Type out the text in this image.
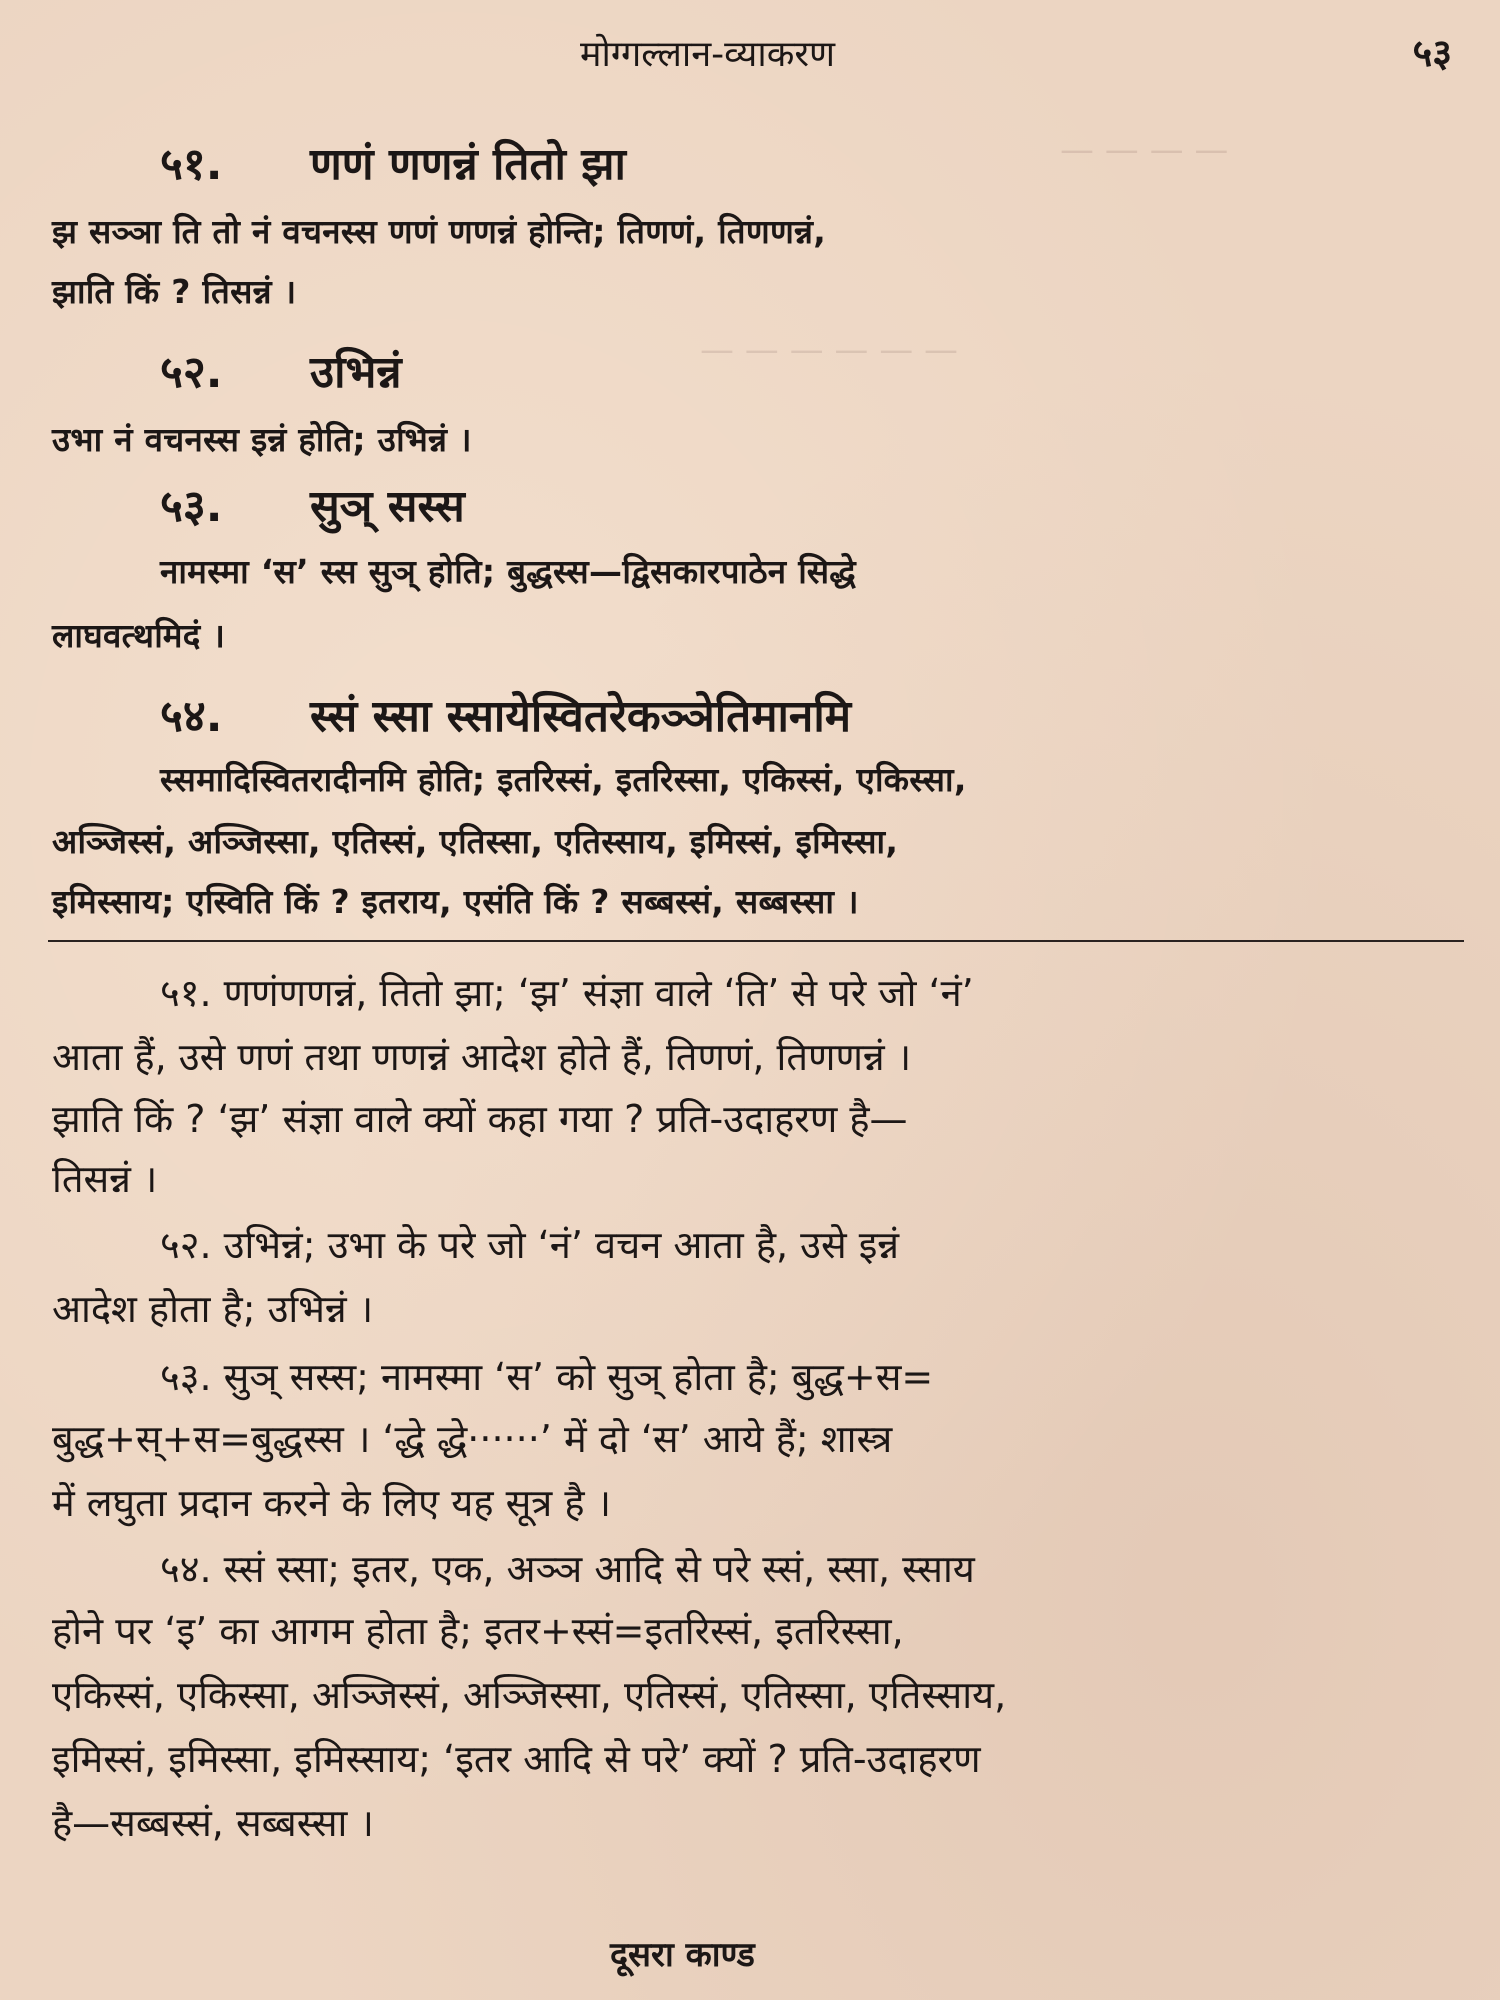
— — — —
— — — — — —
मोग्गल्लान-व्याकरण	५३
५१. णणं णणन्नं तितो झा
झ सञ्ञा ति तो नं वचनस्स णणं णणन्नं होन्ति; तिणणं, तिणणन्नं,
झाति किं ? तिसन्नं ।
५२. उभिन्नं
उभा नं वचनस्स इन्नं होति; उभिन्नं ।
५३. सुञ् सस्स
नामस्मा ‘स’ स्स सुञ् होति; बुद्धस्स—द्विसकारपाठेन सिद्धे
लाघवत्थमिदं ।
५४. स्सं स्सा स्सायेस्वितरेकञ्ञेतिमानमि
स्समादिस्वितरादीनमि होति; इतरिस्सं, इतरिस्सा, एकिस्सं, एकिस्सा,
अञ्जिस्सं, अञ्जिस्सा, एतिस्सं, एतिस्सा, एतिस्साय, इमिस्सं, इमिस्सा,
इमिस्साय; एस्विति किं ? इतराय, एसंति किं ? सब्बस्सं, सब्बस्सा ।
५१. णणंणणन्नं, तितो झा; ‘झ’ संज्ञा वाले ‘ति’ से परे जो ‘नं’
आता हैं, उसे णणं तथा णणन्नं आदेश होते हैं, तिणणं, तिणणन्नं ।
झाति किं ? ‘झ’ संज्ञा वाले क्यों कहा गया ? प्रति-उदाहरण है—
तिसन्नं ।
५२. उभिन्नं; उभा के परे जो ‘नं’ वचन आता है, उसे इन्नं
आदेश होता है; उभिन्नं ।
५३. सुञ् सस्स; नामस्मा ‘स’ को सुञ् होता है; बुद्ध+स=
बुद्ध+स्+स=बुद्धस्स । ‘द्धे द्धे······’ में दो ‘स’ आये हैं; शास्त्र
में लघुता प्रदान करने के लिए यह सूत्र है ।
५४. स्सं स्सा; इतर, एक, अञ्ञ आदि से परे स्सं, स्सा, स्साय
होने पर ‘इ’ का आगम होता है; इतर+स्सं=इतरिस्सं, इतरिस्सा,
एकिस्सं, एकिस्सा, अञ्जिस्सं, अञ्जिस्सा, एतिस्सं, एतिस्सा, एतिस्साय,
इमिस्सं, इमिस्सा, इमिस्साय; ‘इतर आदि से परे’ क्यों ? प्रति-उदाहरण
है—सब्बस्सं, सब्बस्सा ।
दूसरा काण्ड
